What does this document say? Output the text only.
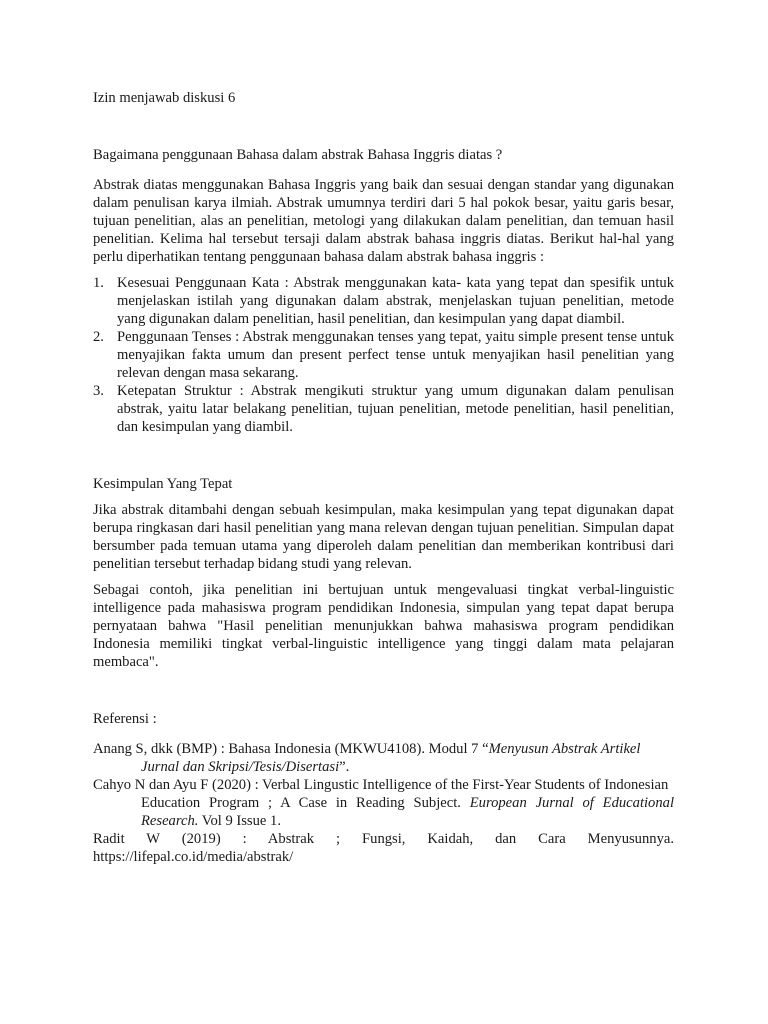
Izin menjawab diskusi 6

Bagaimana penggunaan Bahasa dalam abstrak Bahasa Inggris diatas ?

Abstrak diatas menggunakan Bahasa Inggris yang baik dan sesuai dengan standar yang digunakan dalam penulisan karya ilmiah. Abstrak umumnya terdiri dari 5 hal pokok besar, yaitu garis besar, tujuan penelitian, alas an penelitian, metologi yang dilakukan dalam penelitian, dan temuan hasil penelitian. Kelima hal tersebut tersaji dalam abstrak bahasa inggris diatas. Berikut hal-hal yang perlu diperhatikan tentang penggunaan bahasa dalam abstrak bahasa inggris :

1. Kesesuai Penggunaan Kata : Abstrak menggunakan kata- kata yang tepat dan spesifik untuk menjelaskan istilah yang digunakan dalam abstrak, menjelaskan tujuan penelitian, metode yang digunakan dalam penelitian, hasil penelitian, dan kesimpulan yang dapat diambil.
2. Penggunaan Tenses : Abstrak menggunakan tenses yang tepat, yaitu simple present tense untuk menyajikan fakta umum dan present perfect tense untuk menyajikan hasil penelitian yang relevan dengan masa sekarang.
3. Ketepatan Struktur : Abstrak mengikuti struktur yang umum digunakan dalam penulisan abstrak, yaitu latar belakang penelitian, tujuan penelitian, metode penelitian, hasil penelitian, dan kesimpulan yang diambil.

Kesimpulan Yang Tepat

Jika abstrak ditambahi dengan sebuah kesimpulan, maka kesimpulan yang tepat digunakan dapat berupa ringkasan dari hasil penelitian yang mana relevan dengan tujuan penelitian. Simpulan dapat bersumber pada temuan utama yang diperoleh dalam penelitian dan memberikan kontribusi dari penelitian tersebut terhadap bidang studi yang relevan.

Sebagai contoh, jika penelitian ini bertujuan untuk mengevaluasi tingkat verbal-linguistic intelligence pada mahasiswa program pendidikan Indonesia, simpulan yang tepat dapat berupa pernyataan bahwa "Hasil penelitian menunjukkan bahwa mahasiswa program pendidikan Indonesia memiliki tingkat verbal-linguistic intelligence yang tinggi dalam mata pelajaran membaca".

Referensi :

Anang S, dkk (BMP) : Bahasa Indonesia (MKWU4108). Modul 7 “Menyusun Abstrak Artikel
Jurnal dan Skripsi/Tesis/Disertasi”.
Cahyo N dan Ayu F (2020) : Verbal Lingustic Intelligence of the First-Year Students of Indonesian
Education Program ; A Case in Reading Subject. European Jurnal of Educational Research. Vol 9 Issue 1.
Radit W (2019) : Abstrak ; Fungsi, Kaidah, dan Cara Menyusunnya.
https://lifepal.co.id/media/abstrak/
